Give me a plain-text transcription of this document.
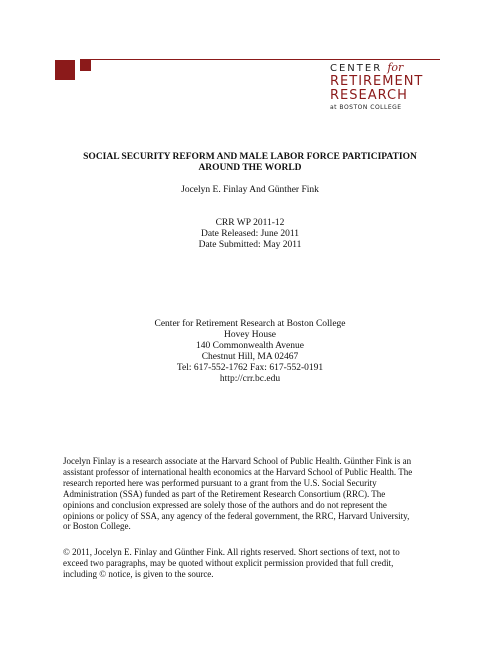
CENTER for
RETIREMENT
RESEARCH
at BOSTON COLLEGE
SOCIAL SECURITY REFORM AND MALE LABOR FORCE PARTICIPATION
AROUND THE WORLD
Jocelyn E. Finlay And Günther Fink
CRR WP 2011-12
Date Released: June 2011
Date Submitted: May 2011
Center for Retirement Research at Boston College
Hovey House
140 Commonwealth Avenue
Chestnut Hill, MA 02467
Tel: 617-552-1762 Fax: 617-552-0191
http://crr.bc.edu
Jocelyn Finlay is a research associate at the Harvard School of Public Health. Günther Fink is an
assistant professor of international health economics at the Harvard School of Public Health. The
research reported here was performed pursuant to a grant from the U.S. Social Security
Administration (SSA) funded as part of the Retirement Research Consortium (RRC). The
opinions and conclusion expressed are solely those of the authors and do not represent the
opinions or policy of SSA, any agency of the federal government, the RRC, Harvard University,
or Boston College.
© 2011, Jocelyn E. Finlay and Günther Fink. All rights reserved. Short sections of text, not to
exceed two paragraphs, may be quoted without explicit permission provided that full credit,
including © notice, is given to the source.
